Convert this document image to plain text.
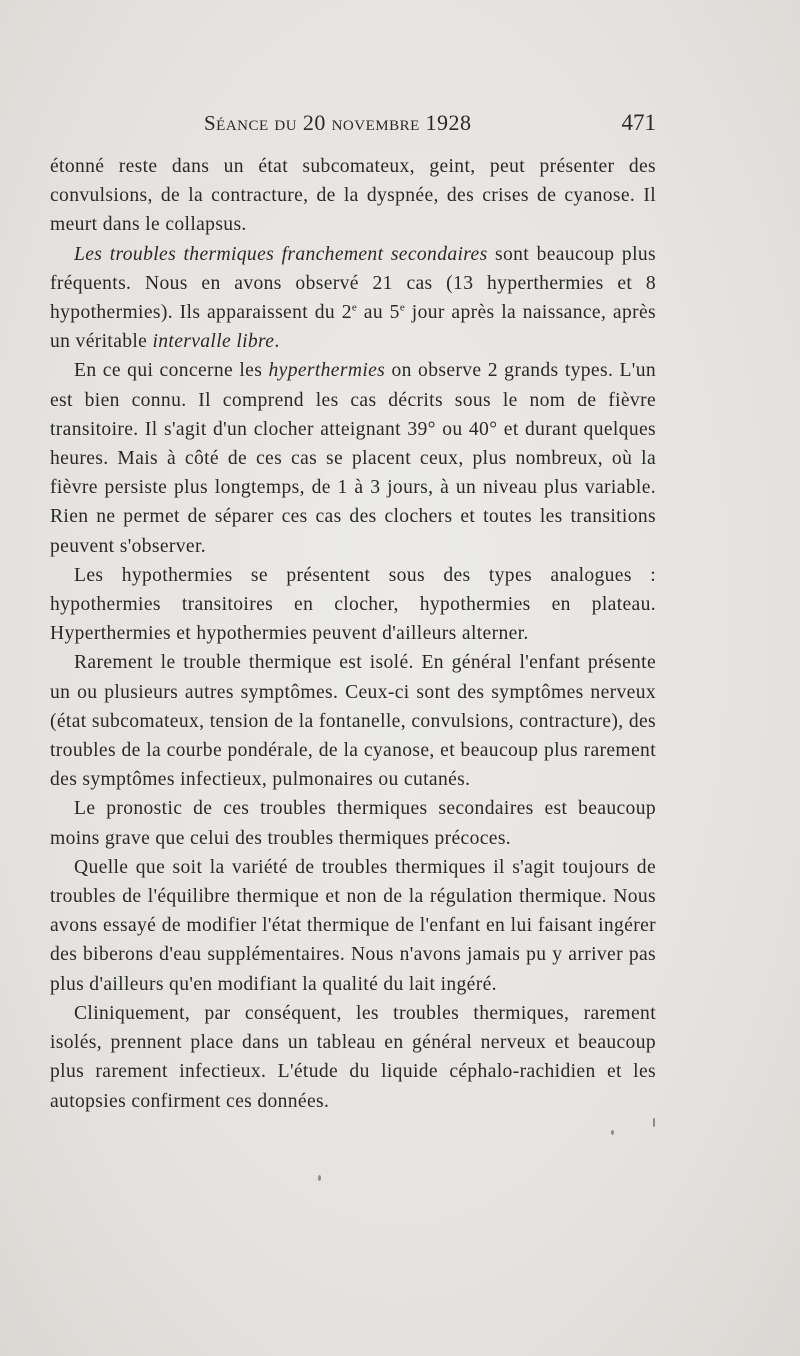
Séance du 20 novembre 1928	471

étonné reste dans un état subcomateux, geint, peut présenter des convulsions, de la contracture, de la dyspnée, des crises de cyanose. Il meurt dans le collapsus.

Les troubles thermiques franchement secondaires sont beaucoup plus fréquents. Nous en avons observé 21 cas (13 hyperthermies et 8 hypothermies). Ils apparaissent du 2e au 5e jour après la naissance, après un véritable intervalle libre.

En ce qui concerne les hyperthermies on observe 2 grands types. L'un est bien connu. Il comprend les cas décrits sous le nom de fièvre transitoire. Il s'agit d'un clocher atteignant 39° ou 40° et durant quelques heures. Mais à côté de ces cas se placent ceux, plus nombreux, où la fièvre persiste plus longtemps, de 1 à 3 jours, à un niveau plus variable. Rien ne permet de séparer ces cas des clochers et toutes les transitions peuvent s'observer.

Les hypothermies se présentent sous des types analogues : hypothermies transitoires en clocher, hypothermies en plateau. Hyperthermies et hypothermies peuvent d'ailleurs alterner.

Rarement le trouble thermique est isolé. En général l'enfant présente un ou plusieurs autres symptômes. Ceux-ci sont des symptômes nerveux (état subcomateux, tension de la fontanelle, convulsions, contracture), des troubles de la courbe pondérale, de la cyanose, et beaucoup plus rarement des symptômes infectieux, pulmonaires ou cutanés.

Le pronostic de ces troubles thermiques secondaires est beaucoup moins grave que celui des troubles thermiques précoces.

Quelle que soit la variété de troubles thermiques il s'agit toujours de troubles de l'équilibre thermique et non de la régulation thermique. Nous avons essayé de modifier l'état thermique de l'enfant en lui faisant ingérer des biberons d'eau supplémentaires. Nous n'avons jamais pu y arriver pas plus d'ailleurs qu'en modifiant la qualité du lait ingéré.

Cliniquement, par conséquent, les troubles thermiques, rarement isolés, prennent place dans un tableau en général nerveux et beaucoup plus rarement infectieux. L'étude du liquide céphalo-rachidien et les autopsies confirment ces données.
